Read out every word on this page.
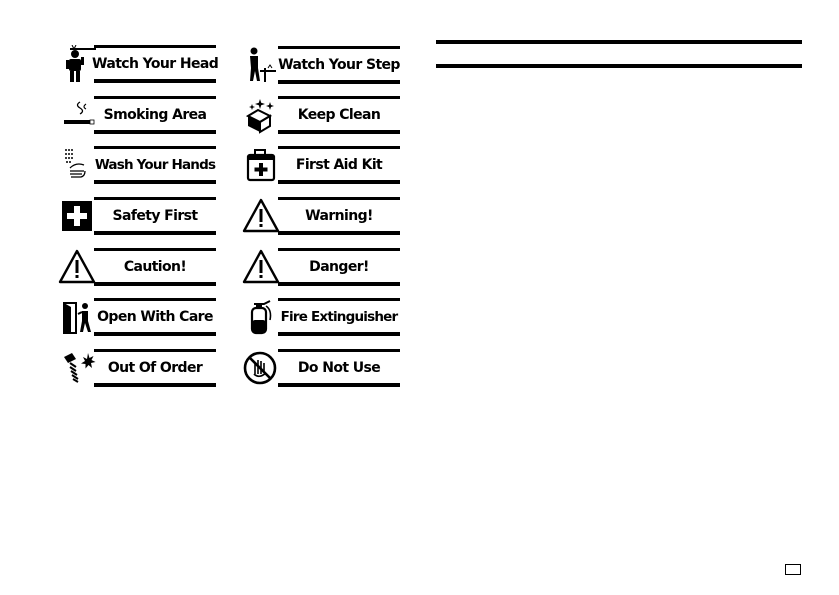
Watch Your Head
Smoking Area
Wash Your Hands
Safety First
Caution!
Open With Care
Out Of Order
Watch Your Step
Keep Clean
First Aid Kit
Warning!
Danger!
Fire Extinguisher
Do Not Use
